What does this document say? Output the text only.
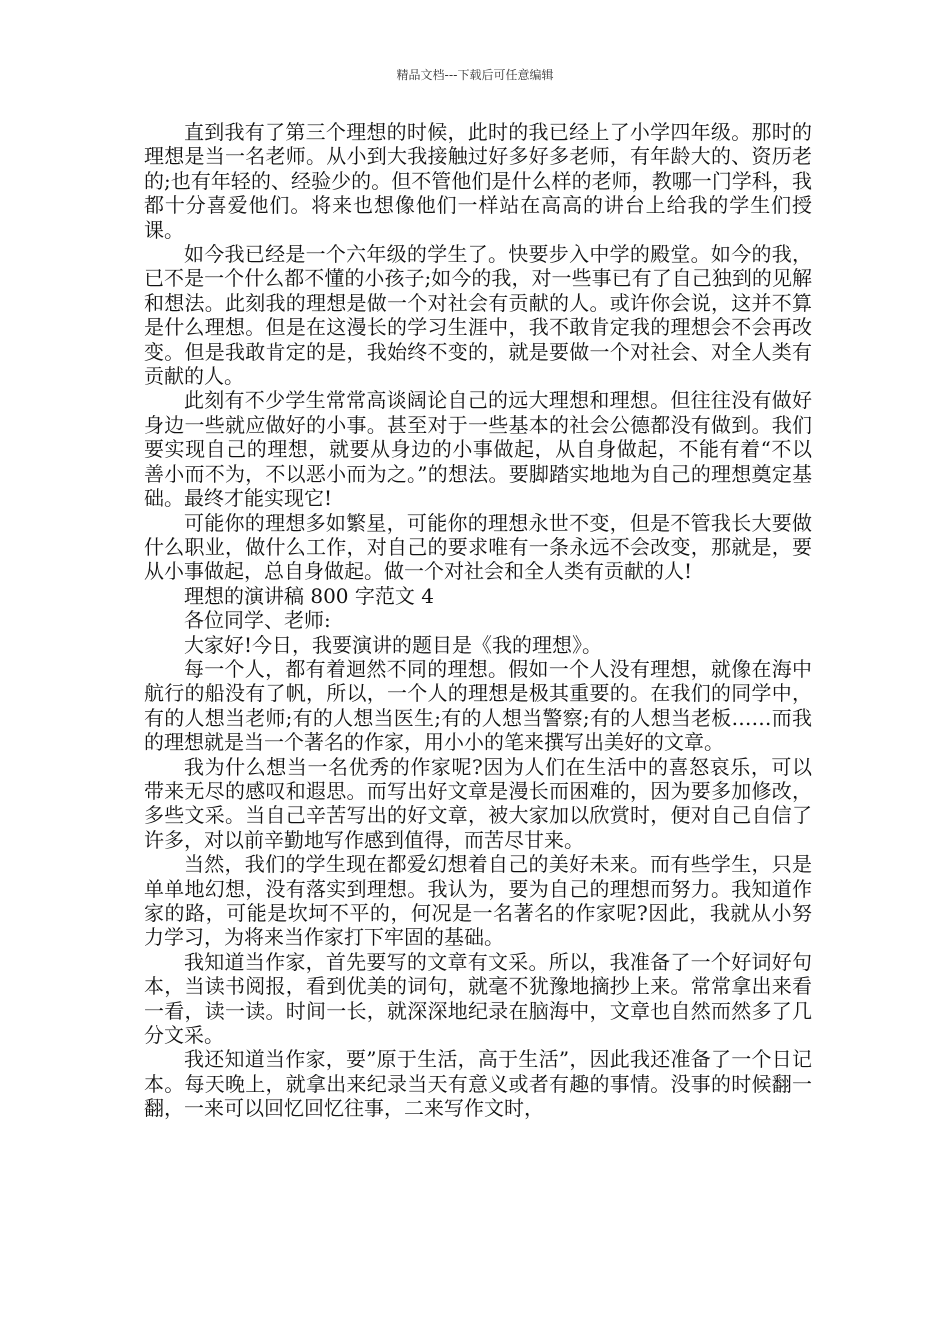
精品文档---下载后可任意编辑

直到我有了第三个理想的时候，此时的我已经上了小学四年级。那时的理想是当一名老师。从小到大我接触过好多好多老师，有年龄大的、资历老的;也有年轻的、经验少的。但不管他们是什么样的老师，教哪一门学科，我都十分喜爱他们。将来也想像他们一样站在高高的讲台上给我的学生们授课。

如今我已经是一个六年级的学生了。快要步入中学的殿堂。如今的我，已不是一个什么都不懂的小孩子;如今的我，对一些事已有了自己独到的见解和想法。此刻我的理想是做一个对社会有贡献的人。或许你会说，这并不算是什么理想。但是在这漫长的学习生涯中，我不敢肯定我的理想会不会再改变。但是我敢肯定的是，我始终不变的，就是要做一个对社会、对全人类有贡献的人。

此刻有不少学生常常高谈阔论自己的远大理想和理想。但往往没有做好身边一些就应做好的小事。甚至对于一些基本的社会公德都没有做到。我们要实现自己的理想，就要从身边的小事做起，从自身做起，不能有着“不以善小而不为，不以恶小而为之。”的想法。要脚踏实地地为自己的理想奠定基础。最终才能实现它!

可能你的理想多如繁星，可能你的理想永世不变，但是不管我长大要做什么职业，做什么工作，对自己的要求唯有一条永远不会改变，那就是，要从小事做起，总自身做起。做一个对社会和全人类有贡献的人!

理想的演讲稿 800 字范文 4

各位同学、老师:

大家好!今日，我要演讲的题目是《我的理想》。

每一个人，都有着迴然不同的理想。假如一个人没有理想，就像在海中航行的船没有了帆，所以，一个人的理想是极其重要的。在我们的同学中，有的人想当老师;有的人想当医生;有的人想当警察;有的人想当老板……而我的理想就是当一个著名的作家，用小小的笔来撰写出美好的文章。

我为什么想当一名优秀的作家呢?因为人们在生活中的喜怒哀乐，可以带来无尽的感叹和遐思。而写出好文章是漫长而困难的，因为要多加修改，多些文采。当自己辛苦写出的好文章，被大家加以欣赏时，便对自己自信了许多，对以前辛勤地写作感到值得，而苦尽甘来。

当然，我们的学生现在都爱幻想着自己的美好未来。而有些学生，只是单单地幻想，没有落实到理想。我认为，要为自己的理想而努力。我知道作家的路，可能是坎坷不平的，何况是一名著名的作家呢?因此，我就从小努力学习，为将来当作家打下牢固的基础。

我知道当作家，首先要写的文章有文采。所以，我准备了一个好词好句本，当读书阅报，看到优美的词句，就毫不犹豫地摘抄上来。常常拿出来看一看，读一读。时间一长，就深深地纪录在脑海中，文章也自然而然多了几分文采。

我还知道当作家，要”原于生活，高于生活”，因此我还准备了一个日记本。每天晚上，就拿出来纪录当天有意义或者有趣的事情。没事的时候翻一翻，一来可以回忆回忆往事，二来写作文时，
